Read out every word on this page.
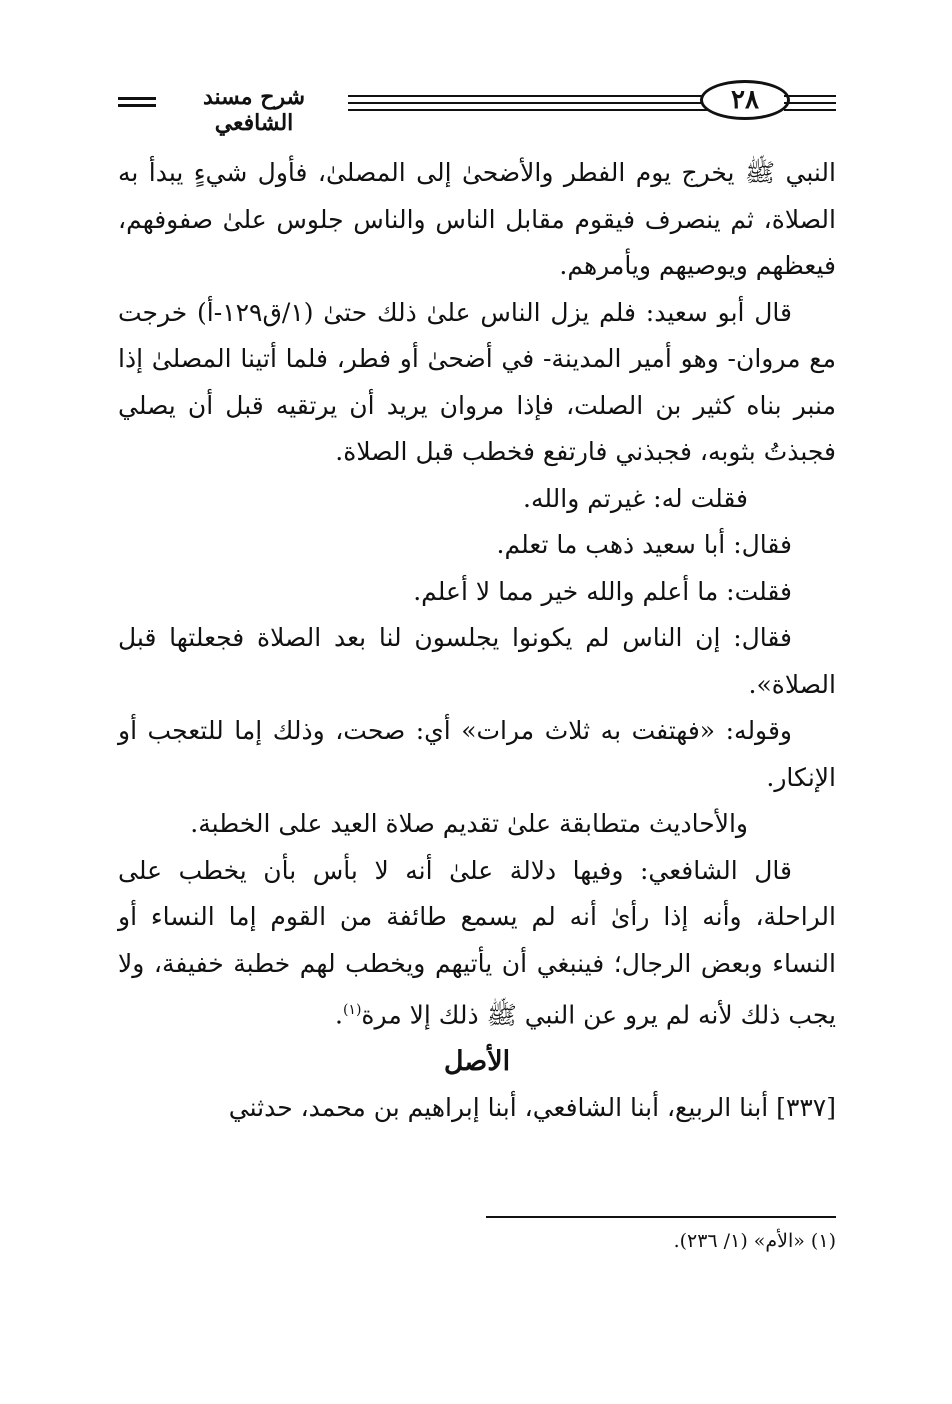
شرح مسند الشافعي
٢٨

النبي ﷺ يخرج يوم الفطر والأضحىٰ إلى المصلىٰ، فأول شيءٍ يبدأ به الصلاة، ثم ينصرف فيقوم مقابل الناس والناس جلوس علىٰ صفوفهم، فيعظهم ويوصيهم ويأمرهم.

قال أبو سعيد: فلم يزل الناس علىٰ ذلك حتىٰ (١/ق١٢٩-أ) خرجت مع مروان- وهو أمير المدينة- في أضحىٰ أو فطر، فلما أتينا المصلىٰ إذا منبر بناه كثير بن الصلت، فإذا مروان يريد أن يرتقيه قبل أن يصلي فجبذتُ بثوبه، فجبذني فارتفع فخطب قبل الصلاة.

فقلت له: غيرتم والله.

فقال: أبا سعيد ذهب ما تعلم.

فقلت: ما أعلم والله خير مما لا أعلم.

فقال: إن الناس لم يكونوا يجلسون لنا بعد الصلاة فجعلتها قبل الصلاة».

وقوله: «فهتفت به ثلاث مرات» أي: صحت، وذلك إما للتعجب أو الإنكار.

والأحاديث متطابقة علىٰ تقديم صلاة العيد على الخطبة.

قال الشافعي: وفيها دلالة علىٰ أنه لا بأس بأن يخطب على الراحلة، وأنه إذا رأىٰ أنه لم يسمع طائفة من القوم إما النساء أو النساء وبعض الرجال؛ فينبغي أن يأتيهم ويخطب لهم خطبة خفيفة، ولا يجب ذلك لأنه لم يرو عن النبي ﷺ ذلك إلا مرة$^{(١)}$.

الأصل

[٣٣٧] أبنا الربيع، أبنا الشافعي، أبنا إبراهيم بن محمد، حدثني

(١) «الأم» (١/ ٢٣٦).
